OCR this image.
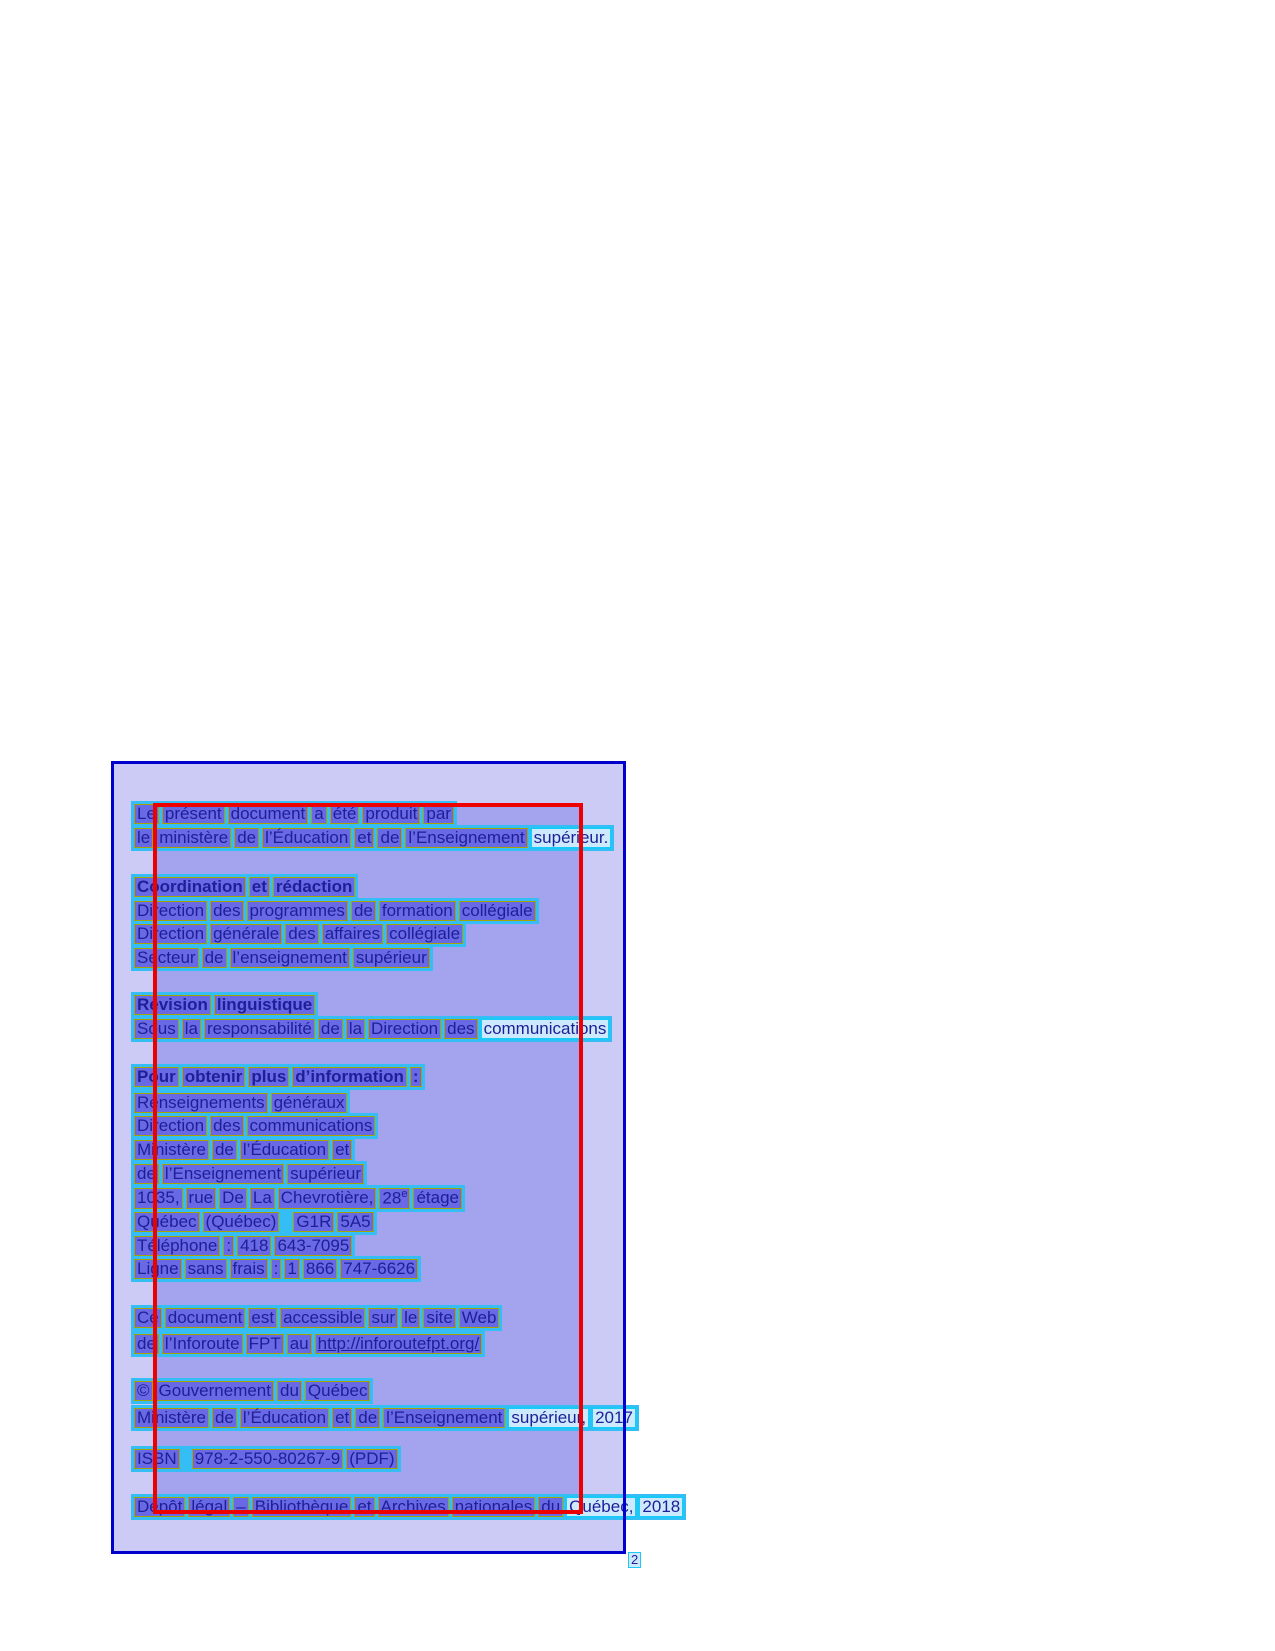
Le présent document a été produit par
le ministère de l’Éducation et de l’Enseignement supérieur.
Coordination et rédaction
Direction des programmes de formation collégiale
Direction générale des affaires collégiale
Secteur de l’enseignement supérieur
Révision linguistique
Sous la responsabilité de la Direction des communications
Pour obtenir plus d’information :
Renseignements généraux
Direction des communications
Ministère de l’Éducation et
de l’Enseignement supérieur
1035, rue De La Chevrotière, 28e étage
Québec (Québec) G1R 5A5
Téléphone : 418 643-7095
Ligne sans frais : 1 866 747-6626
Ce document est accessible sur le site Web
de l’Inforoute FPT au http://inforoutefpt.org/
© Gouvernement du Québec
Ministère de l’Éducation et de l’Enseignement supérieur, 2017
ISBN 978-2-550-80267-9 (PDF)
Dépôt légal – Bibliothèque et Archives nationales du Québec, 2018
2
